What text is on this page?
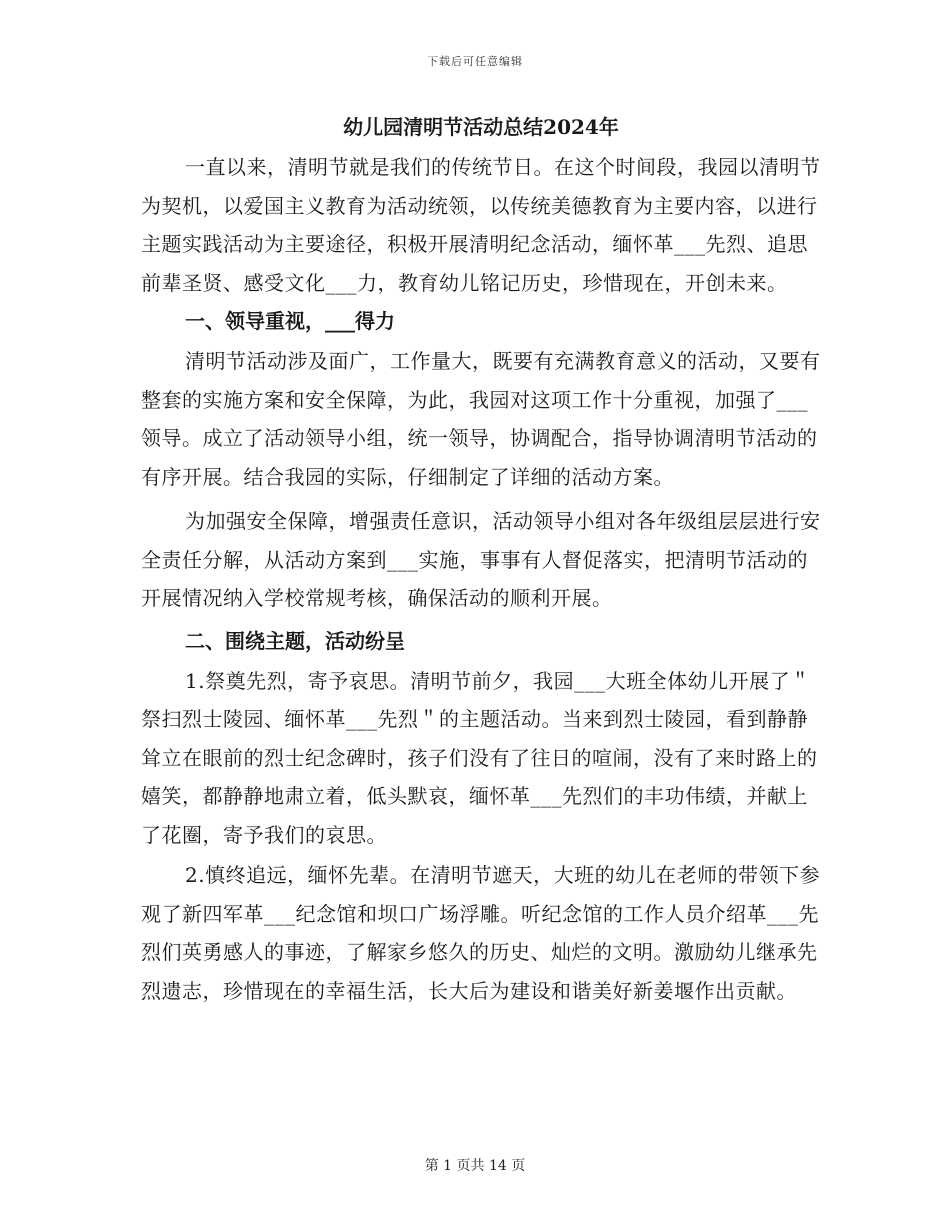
下载后可任意编辑
幼儿园清明节活动总结2024年

一直以来，清明节就是我们的传统节日。在这个时间段，我园以清明节为契机，以爱国主义教育为活动统领，以传统美德教育为主要内容，以进行主题实践活动为主要途径，积极开展清明纪念活动，缅怀革___先烈、追思前辈圣贤、感受文化___力，教育幼儿铭记历史，珍惜现在，开创未来。

一、领导重视，___得力

清明节活动涉及面广，工作量大，既要有充满教育意义的活动，又要有整套的实施方案和安全保障，为此，我园对这项工作十分重视，加强了___领导。成立了活动领导小组，统一领导，协调配合，指导协调清明节活动的有序开展。结合我园的实际，仔细制定了详细的活动方案。

为加强安全保障，增强责任意识，活动领导小组对各年级组层层进行安全责任分解，从活动方案到___实施，事事有人督促落实，把清明节活动的开展情况纳入学校常规考核，确保活动的顺利开展。

二、围绕主题，活动纷呈

1.祭奠先烈，寄予哀思。清明节前夕，我园___大班全体幼儿开展了＂祭扫烈士陵园、缅怀革___先烈＂的主题活动。当来到烈士陵园，看到静静耸立在眼前的烈士纪念碑时，孩子们没有了往日的喧闹，没有了来时路上的嬉笑，都静静地肃立着，低头默哀，缅怀革___先烈们的丰功伟绩，并献上了花圈，寄予我们的哀思。

2.慎终追远，缅怀先辈。在清明节遮天，大班的幼儿在老师的带领下参观了新四军革___纪念馆和坝口广场浮雕。听纪念馆的工作人员介绍革___先烈们英勇感人的事迹，了解家乡悠久的历史、灿烂的文明。激励幼儿继承先烈遗志，珍惜现在的幸福生活，长大后为建设和谐美好新姜堰作出贡献。

第 1 页共 14 页
